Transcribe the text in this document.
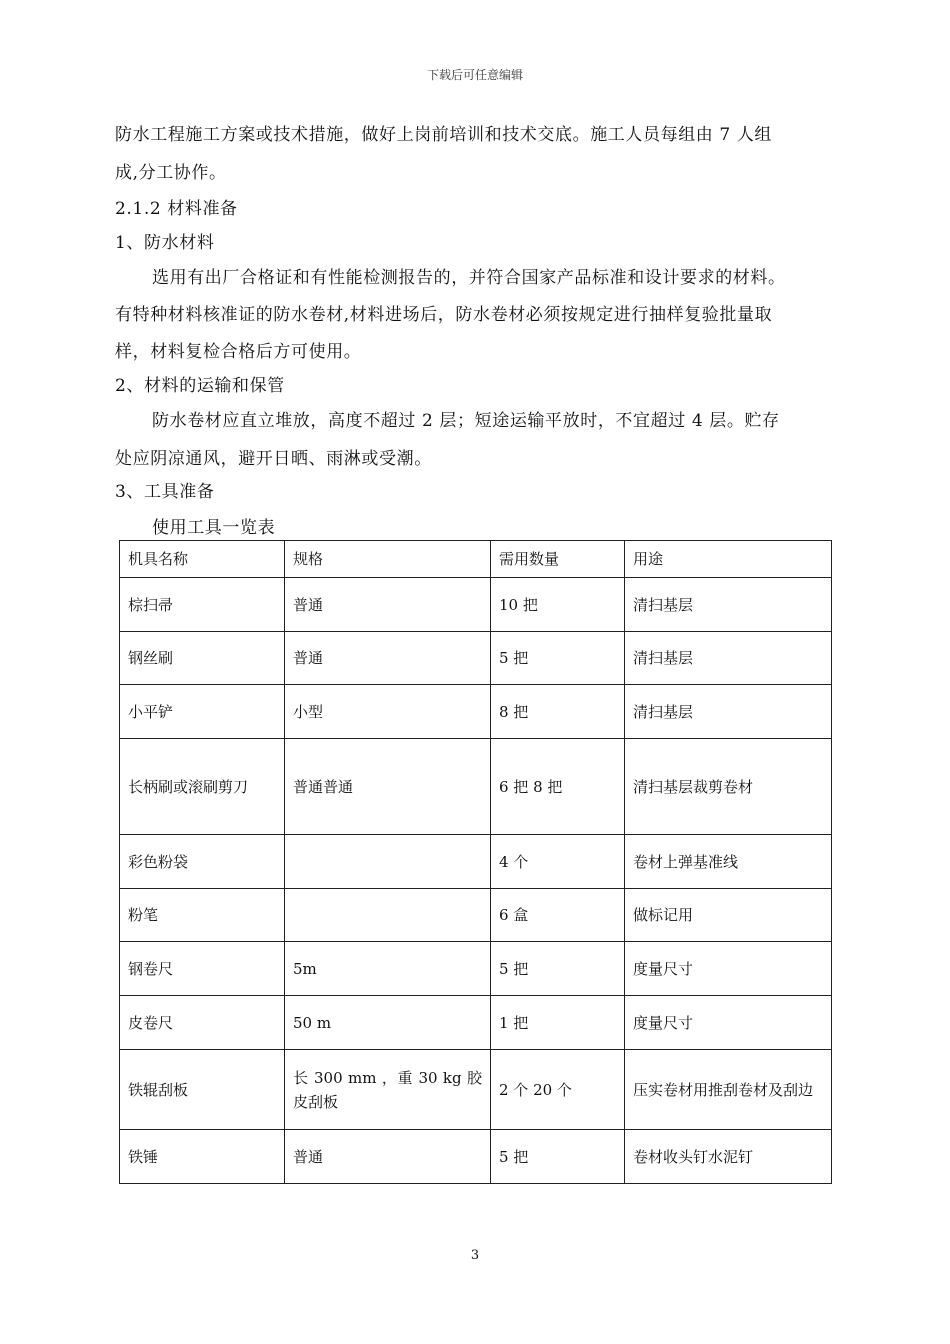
下载后可任意编辑
防水工程施工方案或技术措施，做好上岗前培训和技术交底。施工人员每组由 7 人组
成,分工协作。
2.1.2 材料准备
1、防水材料
选用有出厂合格证和有性能检测报告的，并符合国家产品标准和设计要求的材料。
有特种材料核准证的防水卷材,材料进场后，防水卷材必须按规定进行抽样复验批量取
样，材料复检合格后方可使用。
2、材料的运输和保管
防水卷材应直立堆放，高度不超过 2 层；短途运输平放时，不宜超过 4 层。贮存
处应阴凉通风，避开日晒、雨淋或受潮。
3、工具准备
使用工具一览表
机具名称	规格	需用数量	用途
棕扫帚	普通	10 把	清扫基层
钢丝刷	普通	5 把	清扫基层
小平铲	小型	8 把	清扫基层
长柄刷或滚刷剪刀	普通普通	6 把 8 把	清扫基层裁剪卷材
彩色粉袋		4 个	卷材上弹基准线
粉笔		6 盒	做标记用
钢卷尺	5m	5 把	度量尺寸
皮卷尺	50 m	1 把	度量尺寸
铁辊刮板	长 300 mm ，重 30 kg 胶皮刮板	2 个 20 个	压实卷材用推刮卷材及刮边
铁锤	普通	5 把	卷材收头钉水泥钉
3
